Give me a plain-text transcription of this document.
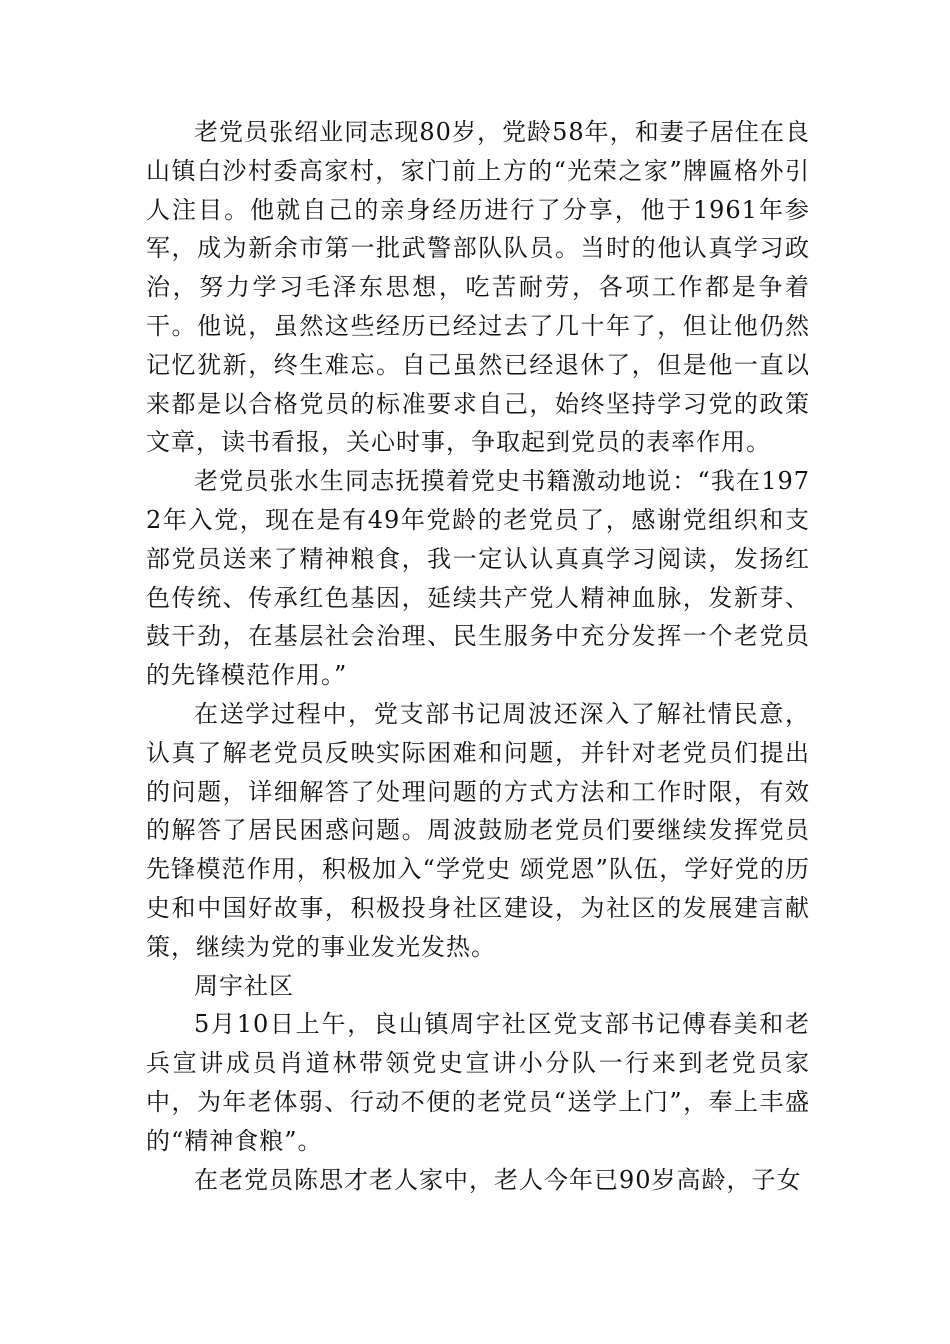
老党员张绍业同志现80岁，党龄58年，和妻子居住在良山镇白沙村委高家村，家门前上方的“光荣之家”牌匾格外引人注目。他就自己的亲身经历进行了分享，他于1961年参军，成为新余市第一批武警部队队员。当时的他认真学习政治，努力学习毛泽东思想，吃苦耐劳，各项工作都是争着干。他说，虽然这些经历已经过去了几十年了，但让他仍然记忆犹新，终生难忘。自己虽然已经退休了，但是他一直以来都是以合格党员的标准要求自己，始终坚持学习党的政策文章，读书看报，关心时事，争取起到党员的表率作用。

老党员张水生同志抚摸着党史书籍激动地说：“我在1972年入党，现在是有49年党龄的老党员了，感谢党组织和支部党员送来了精神粮食，我一定认认真真学习阅读，发扬红色传统、传承红色基因，延续共产党人精神血脉，发新芽、鼓干劲，在基层社会治理、民生服务中充分发挥一个老党员的先锋模范作用。”

在送学过程中，党支部书记周波还深入了解社情民意，认真了解老党员反映实际困难和问题，并针对老党员们提出的问题，详细解答了处理问题的方式方法和工作时限，有效的解答了居民困惑问题。周波鼓励老党员们要继续发挥党员先锋模范作用，积极加入“学党史 颂党恩”队伍，学好党的历史和中国好故事，积极投身社区建设，为社区的发展建言献策，继续为党的事业发光发热。

周宇社区

5月10日上午，良山镇周宇社区党支部书记傅春美和老兵宣讲成员肖道林带领党史宣讲小分队一行来到老党员家中，为年老体弱、行动不便的老党员“送学上门”，奉上丰盛的“精神食粮”。

在老党员陈思才老人家中，老人今年已90岁高龄，子女
